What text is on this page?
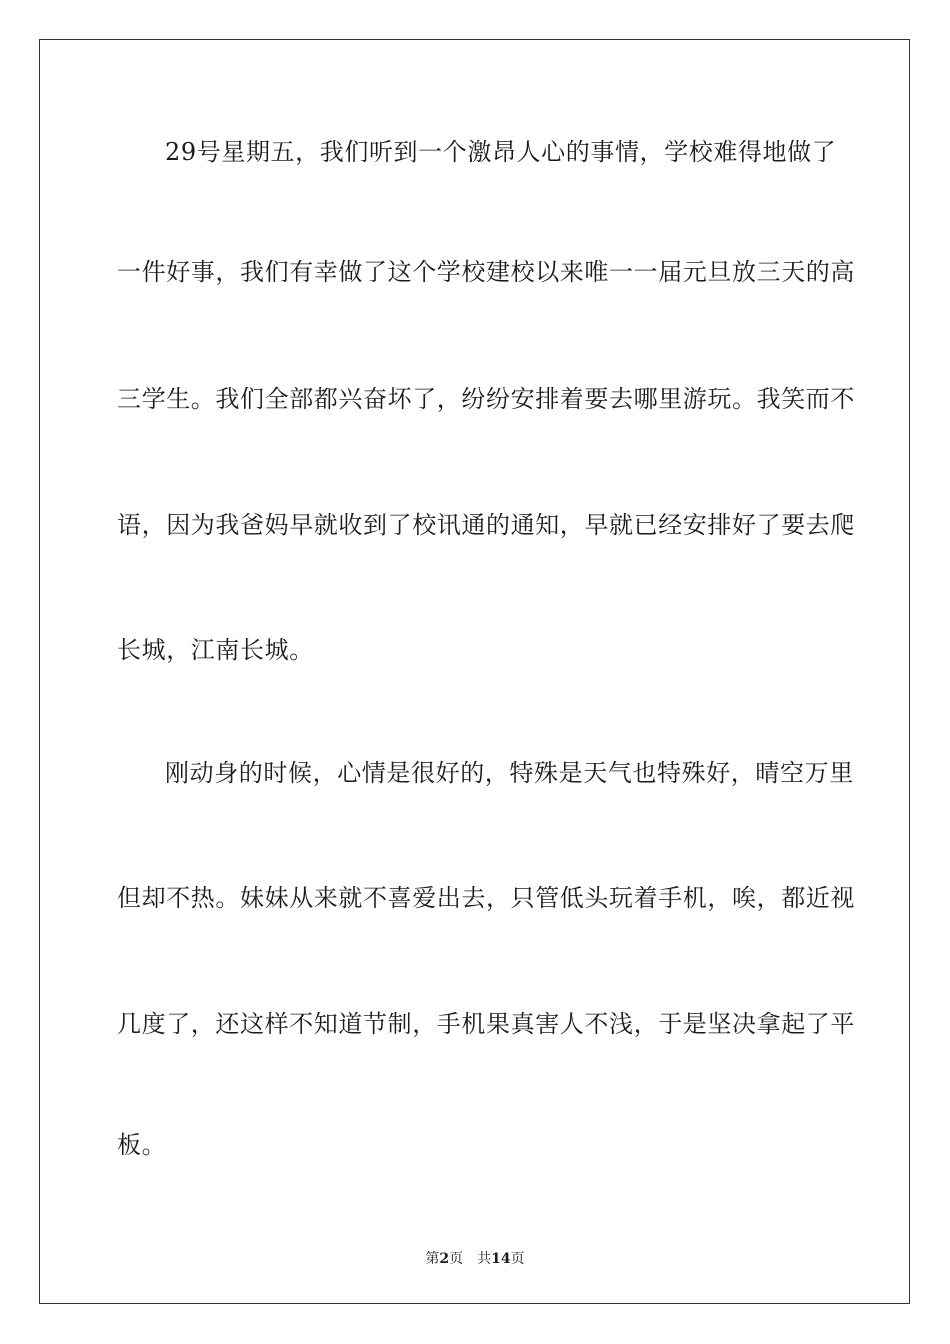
29号星期五，我们听到一个激昂人心的事情，学校难得地做了
一件好事，我们有幸做了这个学校建校以来唯一一届元旦放三天的高
三学生。我们全部都兴奋坏了，纷纷安排着要去哪里游玩。我笑而不
语，因为我爸妈早就收到了校讯通的通知，早就已经安排好了要去爬
长城，江南长城。
刚动身的时候，心情是很好的，特殊是天气也特殊好，晴空万里
但却不热。妹妹从来就不喜爱出去，只管低头玩着手机，唉，都近视
几度了，还这样不知道节制，手机果真害人不浅，于是坚决拿起了平
板。
第2页 共14页
